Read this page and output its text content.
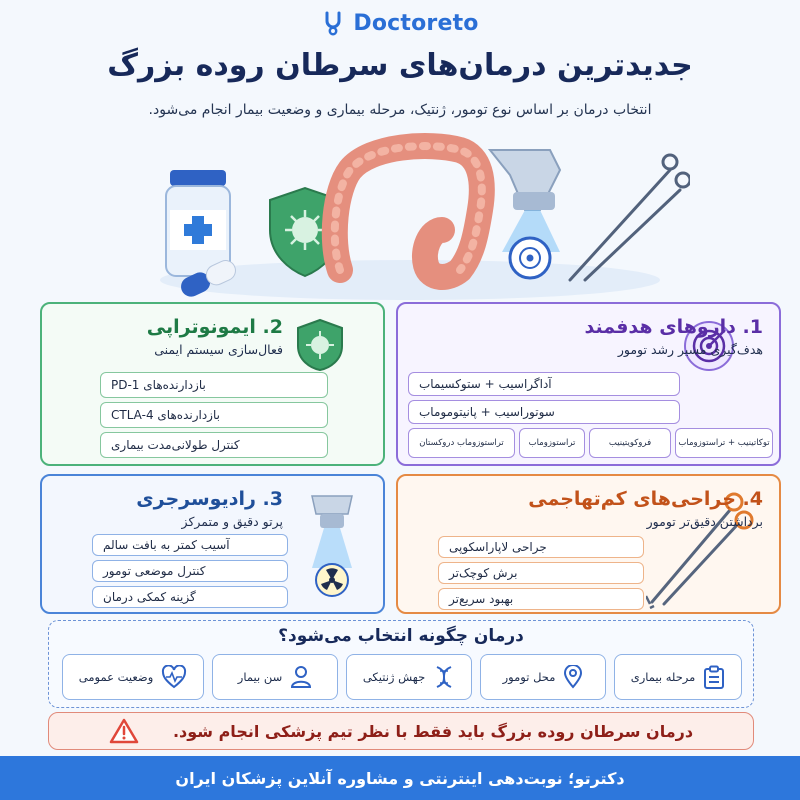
Doctoreto
جدیدترین درمان‌های سرطان روده بزرگ
انتخاب درمان بر اساس نوع تومور، ژنتیک، مرحله بیماری و وضعیت بیمار انجام می‌شود.
1. داروهای هدفمند
هدف‌گیری مسیر رشد تومور
آداگراسیب + ستوکسیماب
سوتوراسیب + پانیتوموماب
تراستوزوماب دروکستان	تراستوزوماب	فروکویتینیب	توکاتینیب + تراستوزوماب
2. ایمونوتراپی
فعال‌سازی سیستم ایمنی
بازدارنده‌های PD-1
بازدارنده‌های CTLA-4
کنترل طولانی‌مدت بیماری
3. رادیوسرجری
پرتو دقیق و متمرکز
آسیب کمتر به بافت سالم
کنترل موضعی تومور
گزینه کمکی درمان
4. جراحی‌های کم‌تهاجمی
برداشتن دقیق‌تر تومور
جراحی لاپاراسکوپی
برش کوچک‌تر
بهبود سریع‌تر
درمان چگونه انتخاب می‌شود؟
مرحله بیماری
محل تومور
جهش ژنتیکی
سن بیمار
وضعیت عمومی
درمان سرطان روده بزرگ باید فقط با نظر تیم پزشکی انجام شود.
دکترتو؛ نوبت‌دهی اینترنتی و مشاوره آنلاین پزشکان ایران
